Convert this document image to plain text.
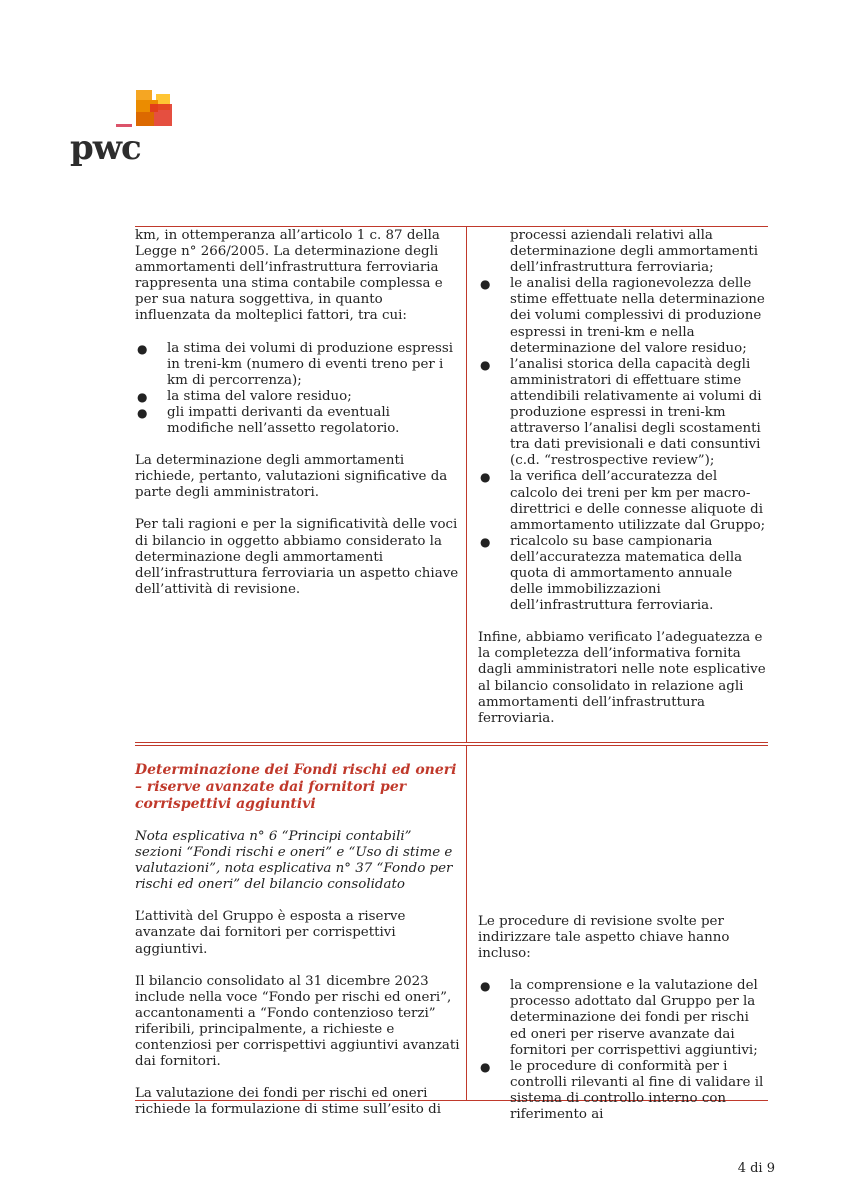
pwc

km, in ottemperanza all’articolo 1 c. 87 della Legge n° 266/2005. La determinazione degli ammortamenti dell’infrastruttura ferroviaria rappresenta una stima contabile complessa e per sua natura soggettiva, in quanto influenzata da molteplici fattori, tra cui:

● la stima dei volumi di produzione espressi in treni-km (numero di eventi treno per i km di percorrenza);
● la stima del valore residuo;
● gli impatti derivanti da eventuali modifiche nell’assetto regolatorio.

La determinazione degli ammortamenti richiede, pertanto, valutazioni significative da parte degli amministratori.

Per tali ragioni e per la significatività delle voci di bilancio in oggetto abbiamo considerato la determinazione degli ammortamenti dell’infrastruttura ferroviaria un aspetto chiave dell’attività di revisione.

processi aziendali relativi alla determinazione degli ammortamenti dell’infrastruttura ferroviaria;
● le analisi della ragionevolezza delle stime effettuate nella determinazione dei volumi complessivi di produzione espressi in treni-km e nella determinazione del valore residuo;
● l’analisi storica della capacità degli amministratori di effettuare stime attendibili relativamente ai volumi di produzione espressi in treni-km attraverso l’analisi degli scostamenti tra dati previsionali e dati consuntivi (c.d. “restrospective review”);
● la verifica dell’accuratezza del calcolo dei treni per km per macro-direttrici e delle connesse aliquote di ammortamento utilizzate dal Gruppo;
● ricalcolo su base campionaria dell’accuratezza matematica della quota di ammortamento annuale delle immobilizzazioni dell’infrastruttura ferroviaria.

Infine, abbiamo verificato l’adeguatezza e la completezza dell’informativa fornita dagli amministratori nelle note esplicative al bilancio consolidato in relazione agli ammortamenti dell’infrastruttura ferroviaria.

Determinazione dei Fondi rischi ed oneri – riserve avanzate dai fornitori per corrispettivi aggiuntivi

Nota esplicativa n° 6 “Principi contabili” sezioni “Fondi rischi e oneri” e “Uso di stime e valutazioni”, nota esplicativa n° 37 “Fondo per rischi ed oneri” del bilancio consolidato

L’attività del Gruppo è esposta a riserve avanzate dai fornitori per corrispettivi aggiuntivi.

Il bilancio consolidato al 31 dicembre 2023 include nella voce “Fondo per rischi ed oneri”, accantonamenti a “Fondo contenzioso terzi” riferibili, principalmente, a richieste e contenziosi per corrispettivi aggiuntivi avanzati dai fornitori.

La valutazione dei fondi per rischi ed oneri richiede la formulazione di stime sull’esito di

Le procedure di revisione svolte per indirizzare tale aspetto chiave hanno incluso:

● la comprensione e la valutazione del processo adottato dal Gruppo per la determinazione dei fondi per rischi ed oneri per riserve avanzate dai fornitori per corrispettivi aggiuntivi;
● le procedure di conformità per i controlli rilevanti al fine di validare il sistema di controllo interno con riferimento ai
4 di 9
